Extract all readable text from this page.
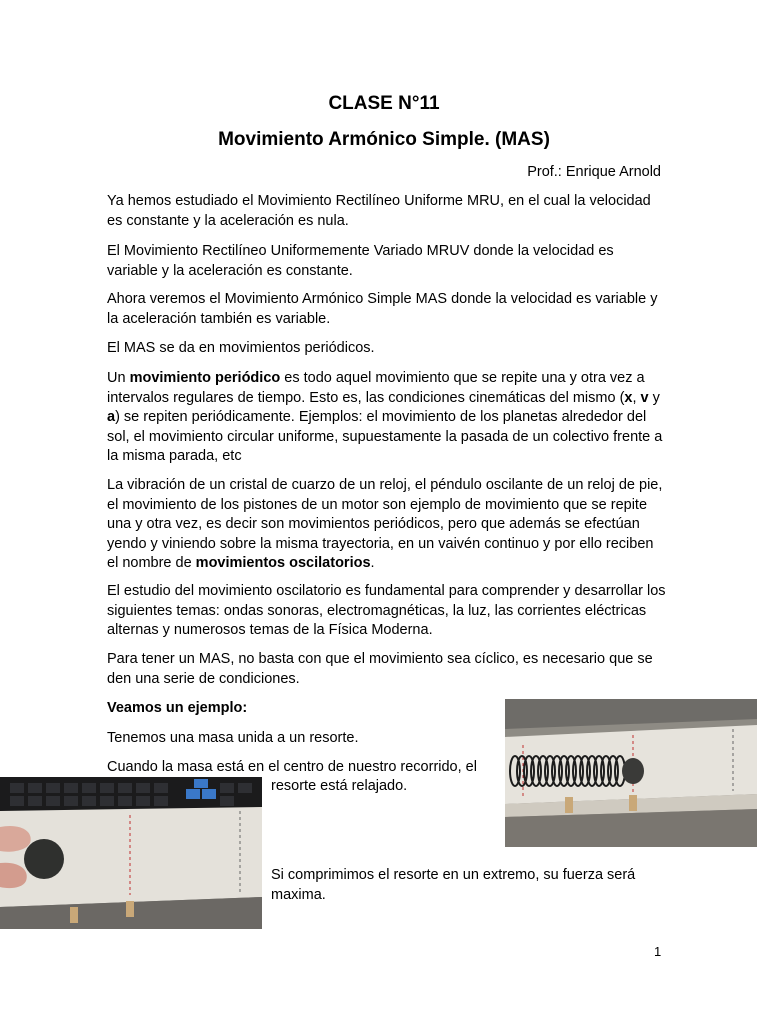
CLASE N°11
Movimiento Armónico Simple. (MAS)
Prof.: Enrique Arnold

Ya hemos estudiado el Movimiento Rectilíneo Uniforme MRU, en el cual la velocidad es constante y la aceleración es nula.

El Movimiento Rectilíneo Uniformemente Variado MRUV donde la velocidad es variable y la aceleración es constante.

Ahora veremos el Movimiento Armónico Simple MAS donde la velocidad es variable y la aceleración también es variable.

El MAS se da en movimientos periódicos.

Un movimiento periódico es todo aquel movimiento que se repite una y otra vez a intervalos regulares de tiempo. Esto es, las condiciones cinemáticas del mismo (x, v y a) se repiten periódicamente. Ejemplos: el movimiento de los planetas alrededor del sol, el movimiento circular uniforme, supuestamente la pasada de un colectivo frente a la misma parada, etc

La vibración de un cristal de cuarzo de un reloj, el péndulo oscilante de un reloj de pie, el movimiento de los pistones de un motor son ejemplo de movimiento que se repite una y otra vez, es decir son movimientos periódicos, pero que además se efectúan yendo y viniendo sobre la misma trayectoria, en un vaivén continuo y por ello reciben el nombre de movimientos oscilatorios.

El estudio del movimiento oscilatorio es fundamental para comprender y desarrollar los siguientes temas: ondas sonoras, electromagnéticas, la luz, las corrientes eléctricas alternas y numerosos temas de la Física Moderna.

Para tener un MAS, no basta con que el movimiento sea cíclico, es necesario que se den una serie de condiciones.

Veamos un ejemplo:

Tenemos una masa unida a un resorte.

Cuando la masa está en el centro de nuestro recorrido, el

resorte está relajado.

Si comprimimos el resorte en un extremo, su fuerza será maxima.

1
